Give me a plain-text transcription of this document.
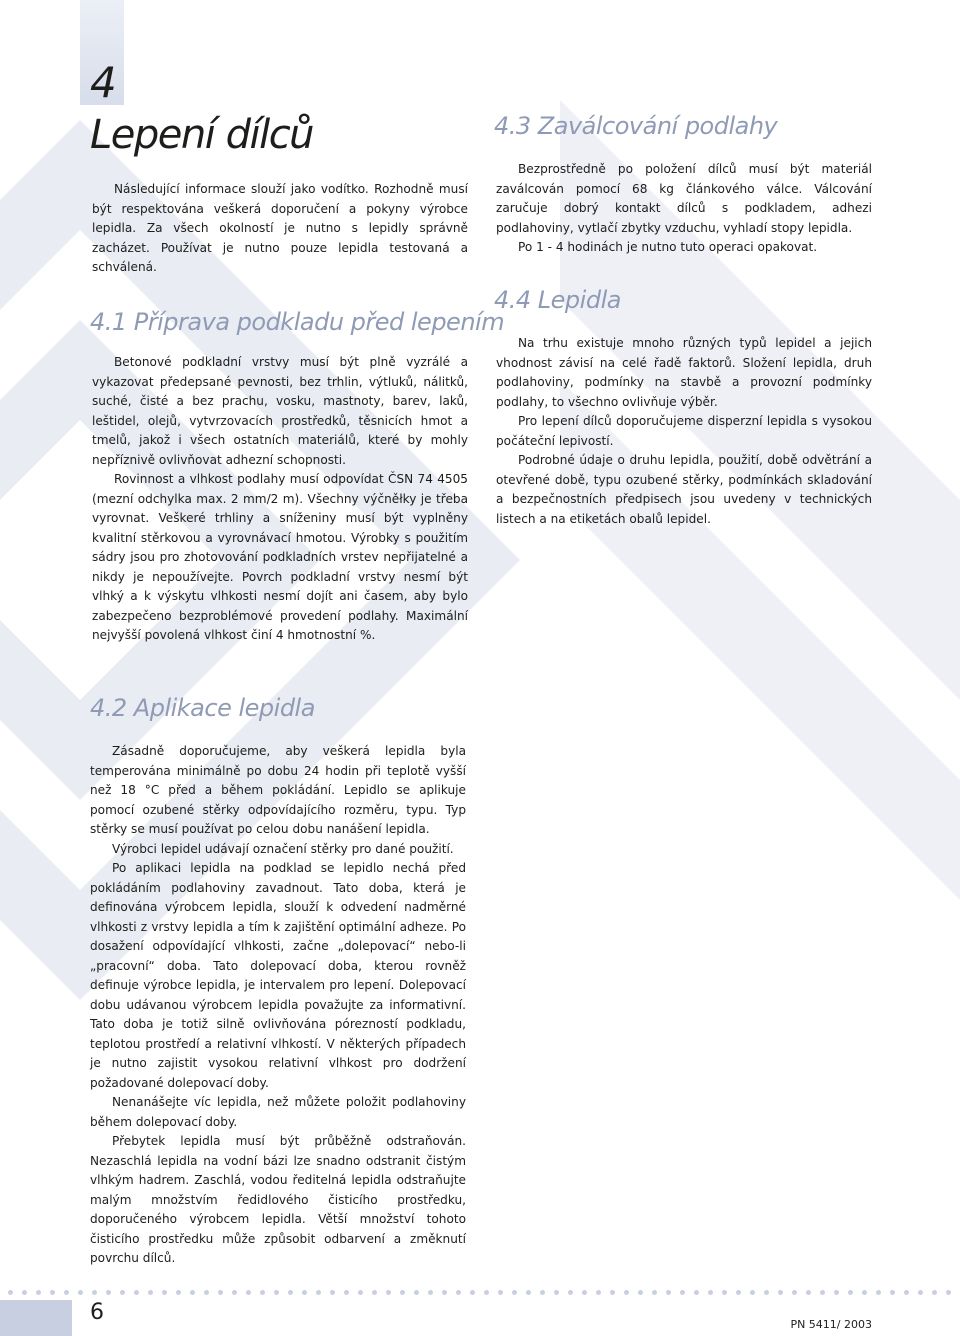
4
Lepení dílců

Následující informace slouží jako vodítko. Rozhodně musí být respektována veškerá doporučení a pokyny výrobce lepidla. Za všech okolností je nutno s lepidly správně zacházet. Používat je nutno pouze lepidla testovaná a schválená.

4.1 Příprava podkladu před lepením

Betonové podkladní vrstvy musí být plně vyzrálé a vykazovat předepsané pevnosti, bez trhlin, výtluků, nálitků, suché, čisté a bez prachu, vosku, mastnoty, barev, laků, leštidel, olejů, vytvrzovacích prostředků, těsnicích hmot a tmelů, jakož i všech ostatních materiálů, které by mohly nepříznivě ovlivňovat adhezní schopnosti.

Rovinnost a vlhkost podlahy musí odpovídat ČSN 74 4505 (mezní odchylka max. 2 mm/2 m). Všechny výčněłky je třeba vyrovnat. Veškeré trhliny a sníženiny musí být vyplněny kvalitní stěrkovou a vyrovnávací hmotou. Výrobky s použitím sádry jsou pro zhotovování podkladních vrstev nepřijatelné a nikdy je nepoužívejte. Povrch podkladní vrstvy nesmí být vlhký a k výskytu vlhkosti nesmí dojít ani časem, aby bylo zabezpečeno bezproblémové provedení podlahy. Maximální nejvyšší povolená vlhkost činí 4 hmotnostní %.

4.2 Aplikace lepidla

Zásadně doporučujeme, aby veškerá lepidla byla temperována minimálně po dobu 24 hodin při teplotě vyšší než 18 °C před a během pokládání. Lepidlo se aplikuje pomocí ozubené stěrky odpovídajícího rozměru, typu. Typ stěrky se musí používat po celou dobu nanášení lepidla.

Výrobci lepidel udávají označení stěrky pro dané použití.

Po aplikaci lepidla na podklad se lepidlo nechá před pokládáním podlahoviny zavadnout. Tato doba, která je definována výrobcem lepidla, slouží k odvedení nadměrné vlhkosti z vrstvy lepidla a tím k zajištění optimální adheze. Po dosažení odpovídající vlhkosti, začne „dolepovací“ nebo-li „pracovní“ doba. Tato dolepovací doba, kterou rovněž definuje výrobce lepidla, je intervalem pro lepení. Dolepovací dobu udávanou výrobcem lepidla považujte za informativní. Tato doba je totiž silně ovlivňována pórezností podkladu, teplotou prostředí a relativní vlhkostí. V některých případech je nutno zajistit vysokou relativní vlhkost pro dodržení požadované dolepovací doby.

Nenanášejte víc lepidla, než můžete položit podlahoviny během dolepovací doby.

Přebytek lepidla musí být průběžně odstraňován. Nezaschlá lepidla na vodní bázi lze snadno odstranit čistým vlhkým hadrem. Zaschlá, vodou ředitelná lepidla odstraňujte malým množstvím ředidlového čisticího prostředku, doporučeného výrobcem lepidla. Větší množství tohoto čisticího prostředku může způsobit odbarvení a změknutí povrchu dílců.

4.3 Zaválcování podlahy

Bezprostředně po položení dílců musí být materiál zaválcován pomocí 68 kg článkového válce. Válcování zaručuje dobrý kontakt dílců s podkladem, adhezi podlahoviny, vytlačí zbytky vzduchu, vyhladí stopy lepidla.

Po 1 - 4 hodinách je nutno tuto operaci opakovat.

4.4 Lepidla

Na trhu existuje mnoho různých typů lepidel a jejich vhodnost závisí na celé řadě faktorů. Složení lepidla, druh podlahoviny, podmínky na stavbě a provozní podmínky podlahy, to všechno ovlivňuje výběr.

Pro lepení dílců doporučujeme disperzní lepidla s vysokou počáteční lepivostí.

Podrobné údaje o druhu lepidla, použití, době odvětrání a otevřené době, typu ozubené stěrky, podmínkách skladování a bezpečnostních předpisech jsou uvedeny v technických listech a na etiketách obalů lepidel.

6	PN 5411/ 2003
